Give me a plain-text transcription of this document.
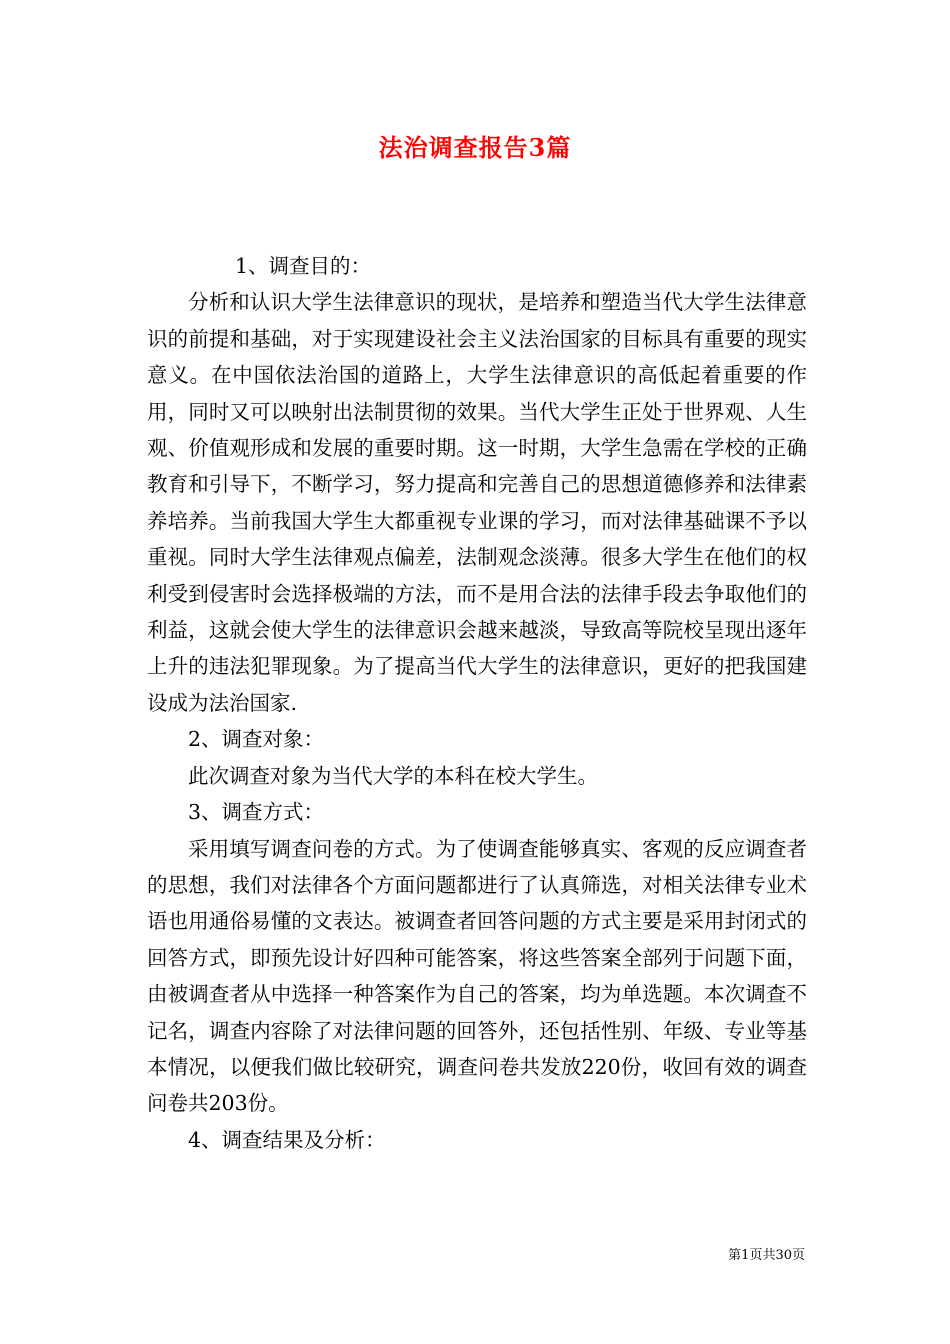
法治调查报告3篇

1、调查目的：

分析和认识大学生法律意识的现状，是培养和塑造当代大学生法律意识的前提和基础，对于实现建设社会主义法治国家的目标具有重要的现实意义。在中国依法治国的道路上，大学生法律意识的高低起着重要的作用，同时又可以映射出法制贯彻的效果。当代大学生正处于世界观、人生观、价值观形成和发展的重要时期。这一时期，大学生急需在学校的正确教育和引导下，不断学习，努力提高和完善自己的思想道德修养和法律素养培养。当前我国大学生大都重视专业课的学习，而对法律基础课不予以重视。同时大学生法律观点偏差，法制观念淡薄。很多大学生在他们的权利受到侵害时会选择极端的方法，而不是用合法的法律手段去争取他们的利益，这就会使大学生的法律意识会越来越淡，导致高等院校呈现出逐年上升的违法犯罪现象。为了提高当代大学生的法律意识，更好的把我国建设成为法治国家.

2、调查对象：

此次调查对象为当代大学的本科在校大学生。

3、调查方式：

采用填写调查问卷的方式。为了使调查能够真实、客观的反应调查者的思想，我们对法律各个方面问题都进行了认真筛选，对相关法律专业术语也用通俗易懂的文表达。被调查者回答问题的方式主要是采用封闭式的回答方式，即预先设计好四种可能答案，将这些答案全部列于问题下面，由被调查者从中选择一种答案作为自己的答案，均为单选题。本次调查不记名，调查内容除了对法律问题的回答外，还包括性别、年级、专业等基本情况，以便我们做比较研究，调查问卷共发放220份，收回有效的调查问卷共203份。

4、调查结果及分析：

第1页共30页
